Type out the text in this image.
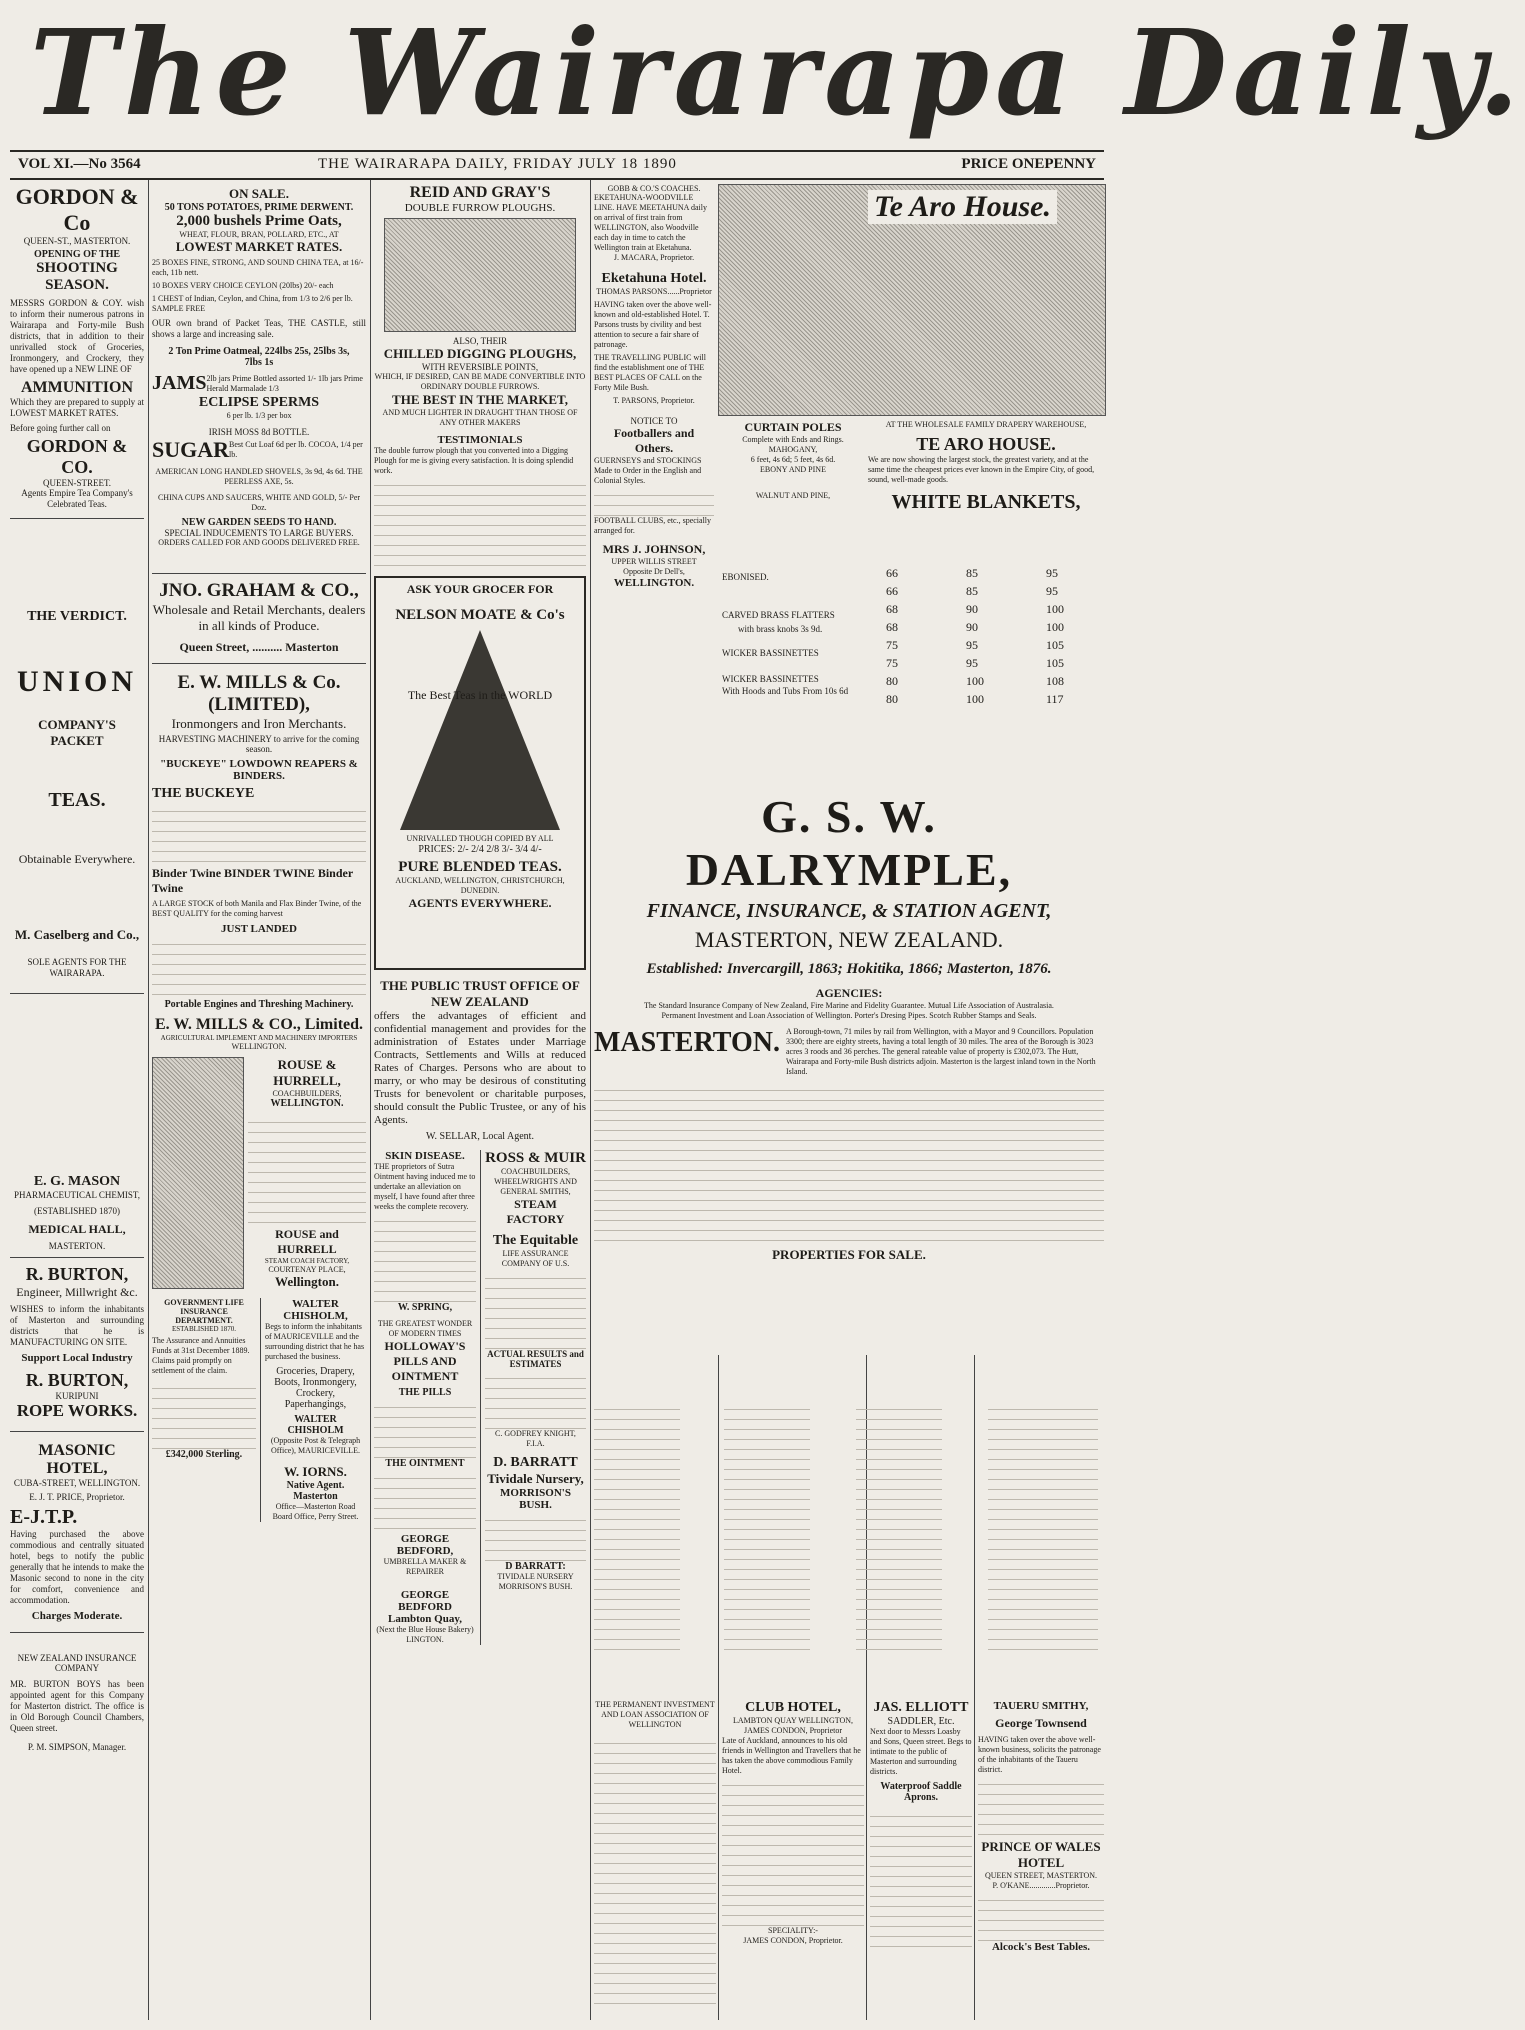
The Wairarapa Daily.
VOL XI.—No 3564	THE WAIRARAPA DAILY, FRIDAY JULY 18 1890	PRICE ONEPENNY
GORDON & Co
QUEEN-ST., MASTERTON.
OPENING OF THE
SHOOTING SEASON.
MESSRS GORDON & COY. wish to inform their numerous patrons in Wairarapa and Forty-mile Bush districts, that in addition to their unrivalled stock of Groceries, Ironmongery, and Crockery, they have opened up a NEW LINE OF
AMMUNITION
Which they are prepared to supply at LOWEST MARKET RATES.
Before going further call on
GORDON & CO.
QUEEN-STREET.
Agents Empire Tea Company's Celebrated Teas.
THE VERDICT.
UNION
COMPANY'S PACKET
TEAS.
Obtainable Everywhere.
M. Caselberg and Co.,
SOLE AGENTS FOR THE WAIRARAPA.
E. G. MASON
PHARMACEUTICAL CHEMIST,
(ESTABLISHED 1870)
MEDICAL HALL,
MASTERTON.
R. BURTON,
Engineer, Millwright &c.
WISHES to inform the inhabitants of Masterton and surrounding districts that he is MANUFACTURING ON SITE.
Support Local Industry
R. BURTON,
KURIPUNI
ROPE WORKS.
MASONIC HOTEL,
CUBA-STREET, WELLINGTON.
E. J. T. PRICE, Proprietor.
E-J.T.P.
Having purchased the above commodious and centrally situated hotel, begs to notify the public generally that he intends to make the Masonic second to none in the city for comfort, convenience and accommodation.
Charges Moderate.
NEW ZEALAND INSURANCE COMPANY
MR. BURTON BOYS has been appointed agent for this Company for Masterton district. The office is in Old Borough Council Chambers, Queen street.
P. M. SIMPSON, Manager.
ON SALE.
50 TONS POTATOES, PRIME DERWENT.
2,000 bushels Prime Oats,
WHEAT, FLOUR, BRAN, POLLARD, ETC., AT
LOWEST MARKET RATES.
25 BOXES FINE, STRONG, AND SOUND CHINA TEA, at 16/- each, 11b nett.
10 BOXES VERY CHOICE CEYLON (20lbs) 20/- each
1 CHEST of Indian, Ceylon, and China, from 1/3 to 2/6 per lb. SAMPLE FREE
OUR own brand of Packet Teas, THE CASTLE, still shows a large and increasing sale.
2 Ton Prime Oatmeal, 224lbs 25s, 25lbs 3s,
7lbs 1s
JAMS 2lb jars Prime Bottled assorted 1/- 1lb jars Prime Herald Marmalade 1/3
ECLIPSE SPERMS
6 per lb. 1/3 per box
IRISH MOSS 8d BOTTLE.
SUGAR Best Cut Loaf 6d per lb. COCOA, 1/4 per lb.
AMERICAN LONG HANDLED SHOVELS, 3s 9d, 4s 6d. THE PEERLESS AXE, 5s.
CHINA CUPS AND SAUCERS, WHITE AND GOLD, 5/- Per Doz.
NEW GARDEN SEEDS TO HAND.
SPECIAL INDUCEMENTS TO LARGE BUYERS.
ORDERS CALLED FOR AND GOODS DELIVERED FREE.
JNO. GRAHAM & CO.,
Wholesale and Retail Merchants, dealers in all kinds of Produce.
Queen Street, .......... Masterton
E. W. MILLS & Co. (LIMITED),
Ironmongers and Iron Merchants.
HARVESTING MACHINERY to arrive for the coming season.
"BUCKEYE" LOWDOWN REAPERS & BINDERS.
THE BUCKEYE
Binder Twine BINDER TWINE Binder Twine
A LARGE STOCK of both Manila and Flax Binder Twine, of the BEST QUALITY for the coming harvest
JUST LANDED
Portable Engines and Threshing Machinery.
E. W. MILLS & CO., Limited.
AGRICULTURAL IMPLEMENT AND MACHINERY IMPORTERS
WELLINGTON.
ROUSE & HURRELL,
COACHBUILDERS,
WELLINGTON.
ROUSE and HURRELL
STEAM COACH FACTORY,
COURTENAY PLACE,
Wellington.
GOVERNMENT LIFE INSURANCE DEPARTMENT.
ESTABLISHED 1870.
The Assurance and Annuities Funds at 31st December 1889. Claims paid promptly on settlement of the claim.
£342,000 Sterling.
WALTER CHISHOLM,
Begs to inform the inhabitants of MAURICEVILLE and the surrounding district that he has purchased the business.
Groceries, Drapery, Boots, Ironmongery,
Crockery, Paperhangings,
WALTER CHISHOLM
(Opposite Post & Telegraph Office), MAURICEVILLE.
W. IORNS.
Native Agent. Masterton
Office—Masterton Road Board Office, Perry Street.
REID AND GRAY'S
DOUBLE FURROW PLOUGHS.
ALSO, THEIR
CHILLED DIGGING PLOUGHS,
WITH REVERSIBLE POINTS,
WHICH, IF DESIRED, CAN BE MADE CONVERTIBLE INTO ORDINARY DOUBLE FURROWS.
THE BEST IN THE MARKET,
AND MUCH LIGHTER IN DRAUGHT THAN THOSE OF ANY OTHER MAKERS
TESTIMONIALS
The double furrow plough that you converted into a Digging Plough for me is giving every satisfaction. It is doing splendid work.
ASK YOUR GROCER FOR
NELSON MOATE & Co's
The Best Teas in the WORLD
UNRIVALLED THOUGH COPIED BY ALL
PRICES: 2/- 2/4 2/8 3/- 3/4 4/-
PURE BLENDED TEAS.
AUCKLAND, WELLINGTON, CHRISTCHURCH, DUNEDIN.
AGENTS EVERYWHERE.
THE PUBLIC TRUST OFFICE OF NEW ZEALAND
offers the advantages of efficient and confidential management and provides for the administration of Estates under Marriage Contracts, Settlements and Wills at reduced Rates of Charges. Persons who are about to marry, or who may be desirous of constituting Trusts for benevolent or charitable purposes, should consult the Public Trustee, or any of his Agents.
W. SELLAR, Local Agent.
SKIN DISEASE.
THE proprietors of Sutra Ointment having induced me to undertake an alleviation on myself, I have found after three weeks the complete recovery.
W. SPRING,
THE GREATEST WONDER OF MODERN TIMES
HOLLOWAY'S PILLS AND OINTMENT
THE PILLS
THE OINTMENT
GEORGE BEDFORD,
UMBRELLA MAKER & REPAIRER
GEORGE BEDFORD
Lambton Quay,
(Next the Blue House Bakery) LINGTON.
ROSS & MUIR
COACHBUILDERS, WHEELWRIGHTS AND GENERAL SMITHS,
STEAM FACTORY
The Equitable
LIFE ASSURANCE COMPANY OF U.S.
ACTUAL RESULTS and ESTIMATES
C. GODFREY KNIGHT, F.I.A.
D. BARRATT
Tividale Nursery,
MORRISON'S BUSH.
D BARRATT:
TIVIDALE NURSERY
MORRISON'S BUSH.
GOBB & CO.'S COACHES.
EKETAHUNA-WOODVILLE LINE. HAVE MEETAHUNA daily on arrival of first train from WELLINGTON, also Woodville each day in time to catch the Wellington train at Eketahuna.
J. MACARA, Proprietor.
Eketahuna Hotel.
THOMAS PARSONS......Proprietor
HAVING taken over the above well-known and old-established Hotel. T. Parsons trusts by civility and best attention to secure a fair share of patronage.
THE TRAVELLING PUBLIC will find the establishment one of THE BEST PLACES OF CALL on the Forty Mile Bush.
T. PARSONS, Proprietor.
NOTICE TO
Footballers and Others.
GUERNSEYS and STOCKINGS Made to Order in the English and Colonial Styles.
FOOTBALL CLUBS, etc., specially arranged for.
MRS J. JOHNSON,
UPPER WILLIS STREET
Opposite Dr Dell's,
WELLINGTON.
Te Aro House.
CURTAIN POLES
Complete with Ends and Rings.
MAHOGANY,
6 feet, 4s 6d; 5 feet, 4s 6d.
EBONY AND PINE
WALNUT AND PINE,
AT THE WHOLESALE FAMILY DRAPERY WAREHOUSE,
TE ARO HOUSE.
We are now showing the largest stock, the greatest variety, and at the same time the cheapest prices ever known in the Empire City, of good, sound, well-made goods.
WHITE BLANKETS,
EBONISED.
CARVED BRASS FLATTERS
with brass knobs 3s 9d.
WICKER BASSINETTES
WICKER BASSINETTES
With Hoods and Tubs From 10s 6d
66
66
68
68
75
75
80
80
85
85
90
90
95
95
100
100
95
95
100
100
105
105
108
117
G. S. W. DALRYMPLE,
FINANCE, INSURANCE, & STATION AGENT,
MASTERTON, NEW ZEALAND.
Established: Invercargill, 1863; Hokitika, 1866; Masterton, 1876.
AGENCIES:
The Standard Insurance Company of New Zealand, Fire Marine and Fidelity Guarantee. Mutual Life Association of Australasia. Permanent Investment and Loan Association of Wellington. Porter's Dresing Pipes. Scotch Rubber Stamps and Seals.
MASTERTON. A Borough-town, 71 miles by rail from Wellington, with a Mayor and 9 Councillors. Population 3300; there are eighty streets, having a total length of 30 miles. The area of the Borough is 3023 acres 3 roods and 36 perches. The general rateable value of property is £302,073. The Hutt, Wairarapa and Forty-mile Bush districts adjoin. Masterton is the largest inland town in the North Island.
PROPERTIES FOR SALE.
THE PERMANENT INVESTMENT AND LOAN ASSOCIATION OF WELLINGTON
CLUB HOTEL,
LAMBTON QUAY WELLINGTON,
JAMES CONDON, Proprietor
Late of Auckland, announces to his old friends in Wellington and Travellers that he has taken the above commodious Family Hotel.
SPECIALITY:-
JAMES CONDON, Proprietor.
JAS. ELLIOTT
SADDLER, Etc.
Next door to Messrs Loasby and Sons, Queen street. Begs to intimate to the public of Masterton and surrounding districts.
Waterproof Saddle Aprons.
TAUERU SMITHY,
George Townsend
HAVING taken over the above well-known business, solicits the patronage of the inhabitants of the Taueru district.
PRINCE OF WALES HOTEL
QUEEN STREET, MASTERTON.
P. O'KANE.............Proprietor.
Alcock's Best Tables.
